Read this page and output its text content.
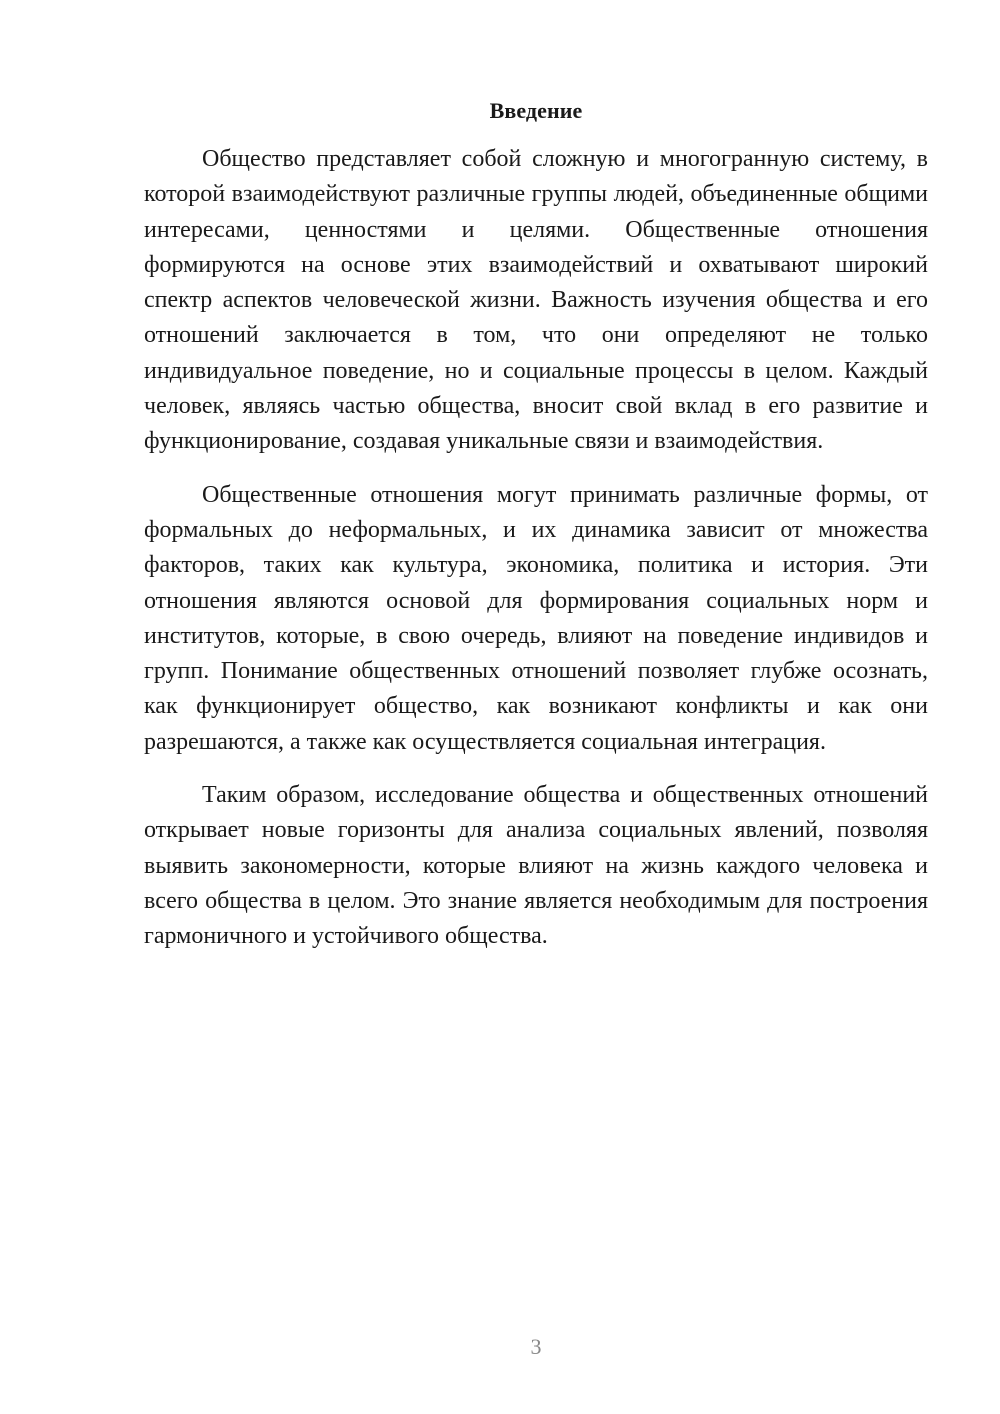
Введение

Общество представляет собой сложную и многогранную систему, в которой взаимодействуют различные группы людей, объединенные общими интересами, ценностями и целями. Общественные отношения формируются на основе этих взаимодействий и охватывают широкий спектр аспектов человеческой жизни. Важность изучения общества и его отношений заключается в том, что они определяют не только индивидуальное поведение, но и социальные процессы в целом. Каждый человек, являясь частью общества, вносит свой вклад в его развитие и функционирование, создавая уникальные связи и взаимодействия.

Общественные отношения могут принимать различные формы, от формальных до неформальных, и их динамика зависит от множества факторов, таких как культура, экономика, политика и история. Эти отношения являются основой для формирования социальных норм и институтов, которые, в свою очередь, влияют на поведение индивидов и групп. Понимание общественных отношений позволяет глубже осознать, как функционирует общество, как возникают конфликты и как они разрешаются, а также как осуществляется социальная интеграция.

Таким образом, исследование общества и общественных отношений открывает новые горизонты для анализа социальных явлений, позволяя выявить закономерности, которые влияют на жизнь каждого человека и всего общества в целом. Это знание является необходимым для построения гармоничного и устойчивого общества.

3
